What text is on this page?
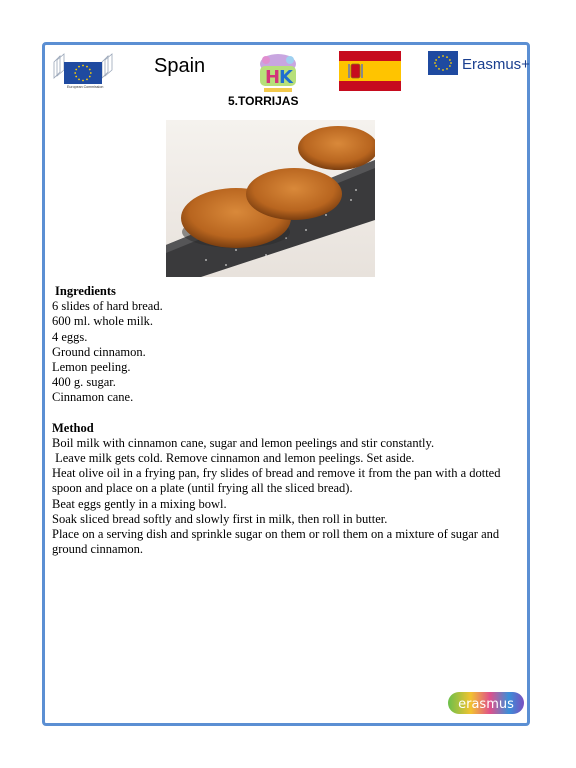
European Commission
Spain
H
K
Erasmus+
5.TORRIJAS
Ingredients
6 slides of hard bread.
600 ml. whole milk.
4 eggs.
Ground cinnamon.
Lemon peeling.
400 g. sugar.
Cinnamon cane.
Method
Boil milk with cinnamon cane, sugar and lemon peelings and stir constantly.
Leave milk gets cold. Remove cinnamon and lemon peelings. Set aside.
Heat olive oil in a frying pan, fry slides of bread and remove it from the pan with a dotted
spoon and place on a plate (until frying all the sliced bread).
Beat eggs gently in a mixing bowl.
Soak sliced bread softly and slowly first in milk, then roll in butter.
Place on a serving dish and sprinkle sugar on them or roll them on a mixture of sugar and
ground cinnamon.
erasmus
